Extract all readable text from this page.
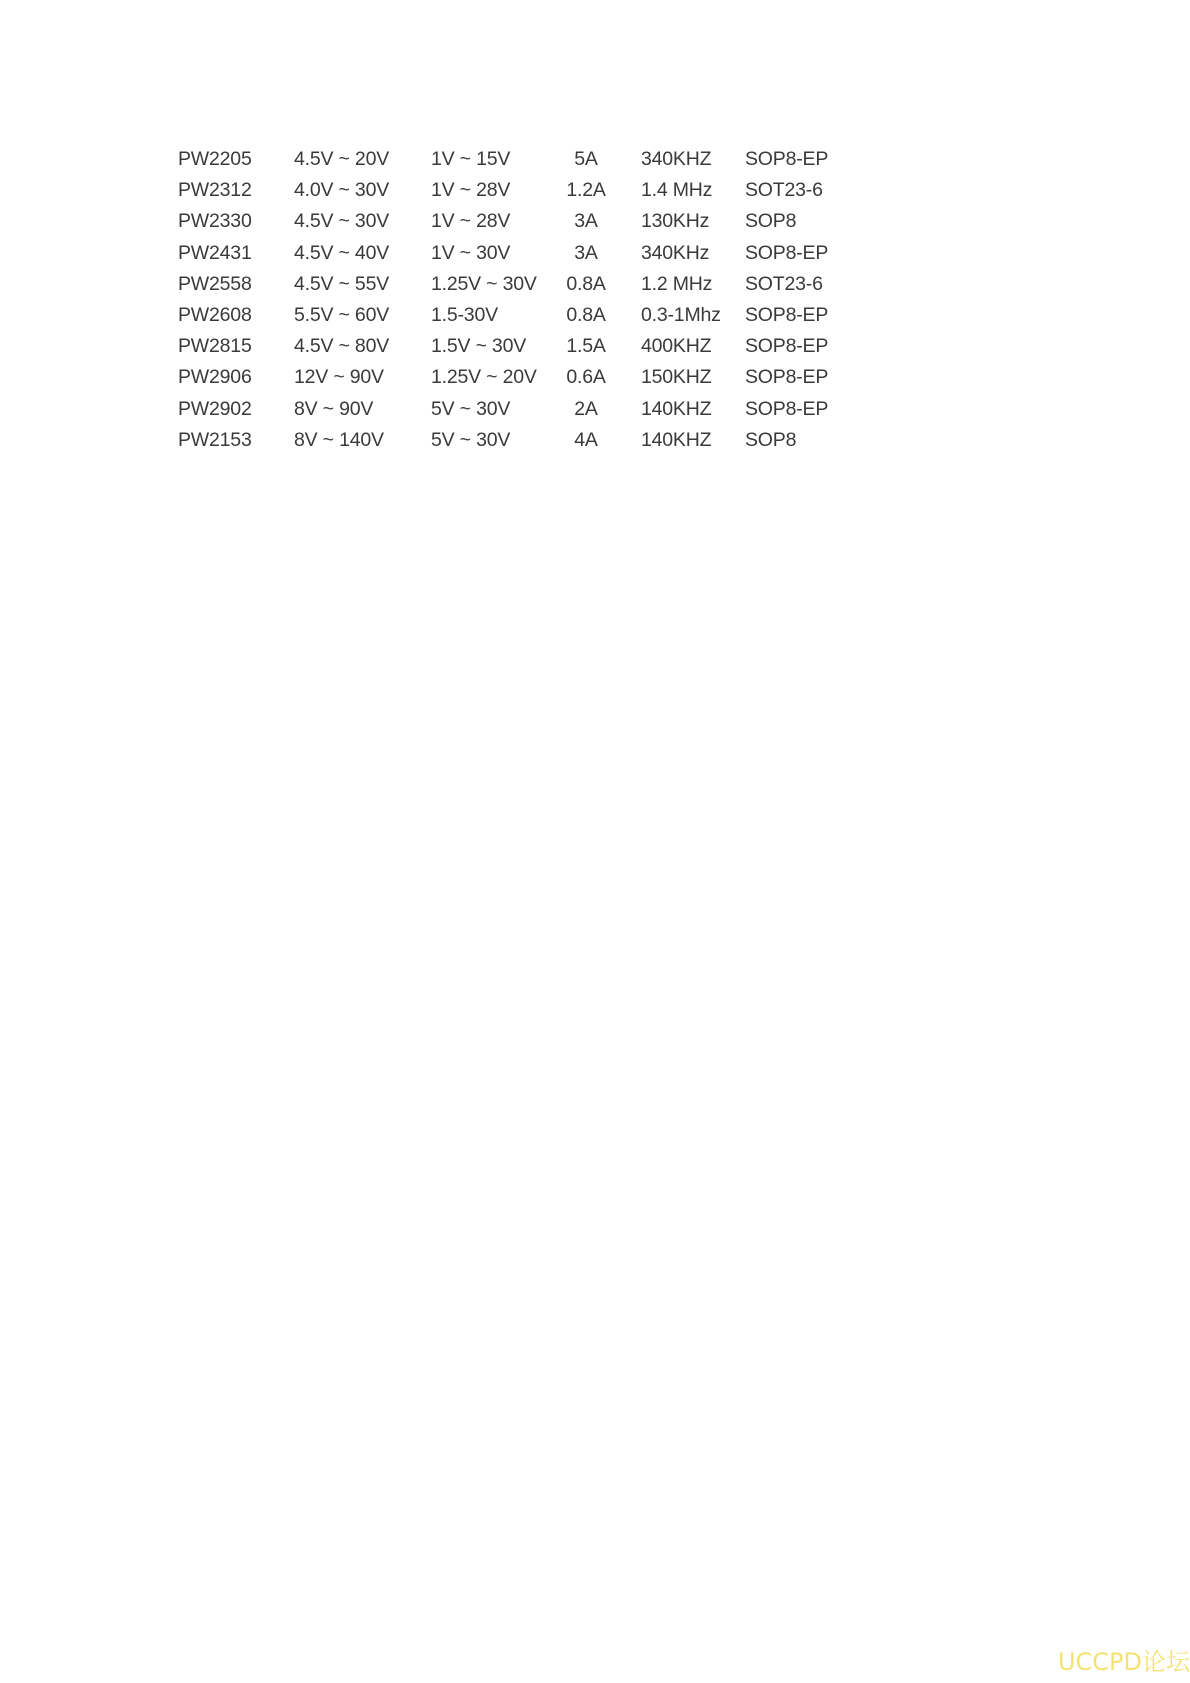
PW2205 4.5V ~ 20V 1V ~ 15V	5A	340KHZ SOP8-EP
PW2312 4.0V ~ 30V 1V ~ 28V	1.2A 1.4 MHz SOT23-6
PW2330 4.5V ~ 30V 1V ~ 28V	3A	130KHz SOP8
PW2431 4.5V ~ 40V 1V ~ 30V	3A	340KHz SOP8-EP
PW2558 4.5V ~ 55V 1.25V ~ 30V 0.8A 1.2 MHz SOT23-6
PW2608 5.5V ~ 60V 1.5-30V	0.8A 0.3-1Mhz SOP8-EP
PW2815 4.5V ~ 80V 1.5V ~ 30V 1.5A 400KHZ SOP8-EP
PW2906 12V ~ 90V 1.25V ~ 20V 0.6A 150KHZ SOP8-EP
PW2902 8V ~ 90V	5V ~ 30V	2A	140KHZ SOP8-EP
PW2153 8V ~ 140V 5V ~ 30V	4A	140KHZ SOP8
UCCPD论坛
